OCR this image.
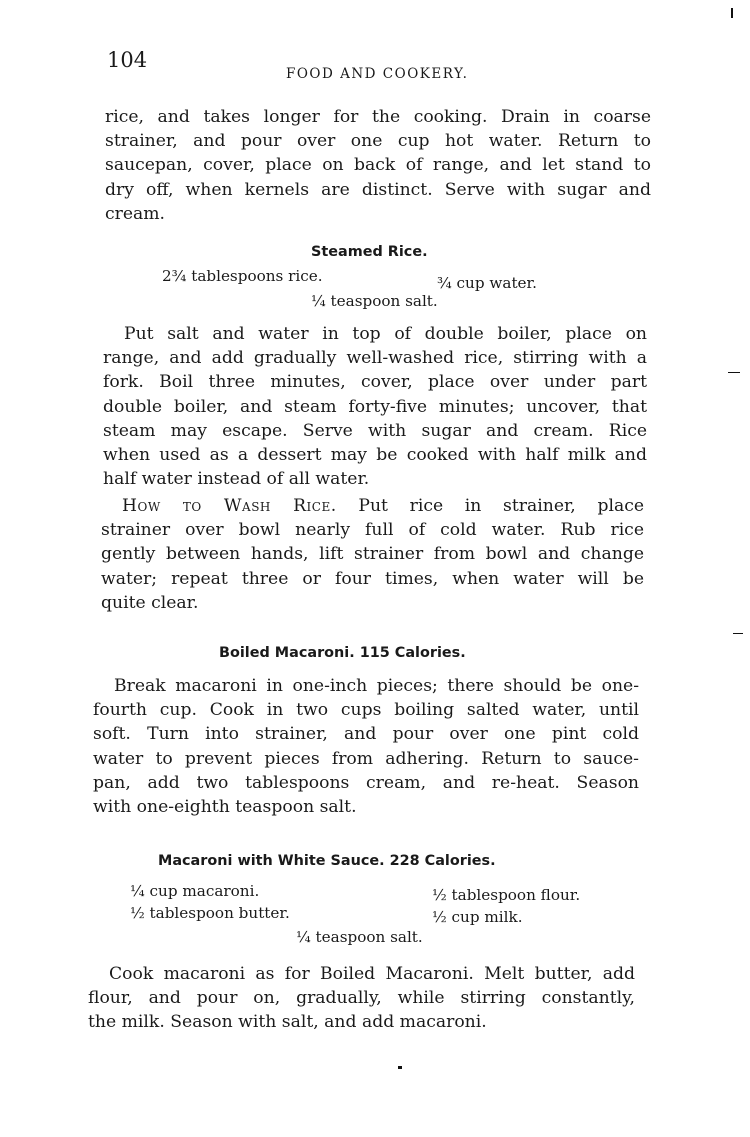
104
FOOD AND COOKERY.
rice, and takes longer for the cooking. Drain in coarse
strainer, and pour over one cup hot water. Return to
saucepan, cover, place on back of range, and let stand to
dry off, when kernels are distinct. Serve with sugar and
cream.
Steamed Rice.
2¾ tablespoons rice.	¾ cup water.
¼ teaspoon salt.
Put salt and water in top of double boiler, place on
range, and add gradually well-washed rice, stirring with a
fork. Boil three minutes, cover, place over under part
double boiler, and steam forty-five minutes; uncover, that
steam may escape. Serve with sugar and cream. Rice
when used as a dessert may be cooked with half milk and
half water instead of all water.
How to Wash Rice. Put rice in strainer, place
strainer over bowl nearly full of cold water. Rub rice
gently between hands, lift strainer from bowl and change
water; repeat three or four times, when water will be
quite clear.
Boiled Macaroni. 115 Calories.
Break macaroni in one-inch pieces; there should be one-
fourth cup. Cook in two cups boiling salted water, until
soft. Turn into strainer, and pour over one pint cold
water to prevent pieces from adhering. Return to sauce-
pan, add two tablespoons cream, and re-heat. Season
with one-eighth teaspoon salt.
Macaroni with White Sauce. 228 Calories.
¼ cup macaroni.	½ tablespoon flour.
½ tablespoon butter.	½ cup milk.
¼ teaspoon salt.
Cook macaroni as for Boiled Macaroni. Melt butter, add
flour, and pour on, gradually, while stirring constantly,
the milk. Season with salt, and add macaroni.
